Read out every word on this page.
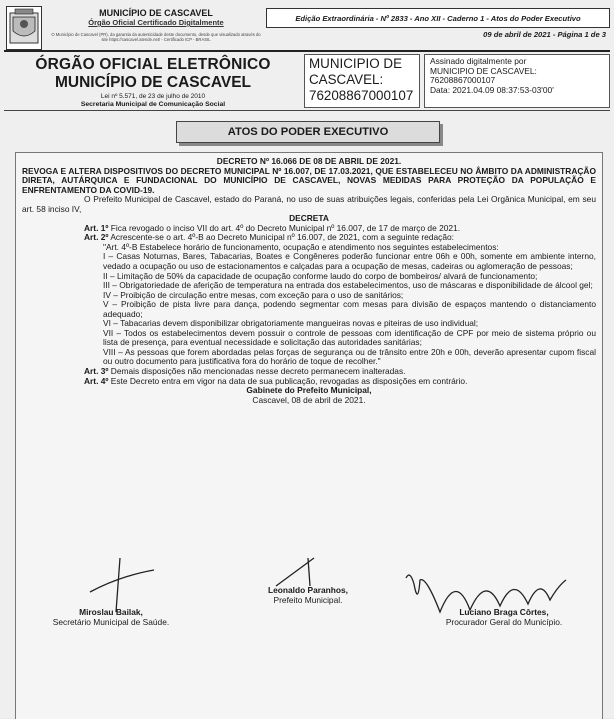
MUNICÍPIO DE CASCAVEL
Órgão Oficial Certificado Digitalmente
O Município de Cascavel (PR), da garantia da autenticidade deste documento, desde que visualizado através do site https://cascavel.atende.net/ - Certificado ICP - BRASIL
Edição Extraordinária - Nº 2833 - Ano XII - Caderno 1 - Atos do Poder Executivo
09 de abril de 2021 - Página 1 de 3
ÓRGÃO OFICIAL ELETRÔNICO
MUNICÍPIO DE CASCAVEL
Lei nº 5.571, de 23 de julho de 2010
Secretaria Municipal de Comunicação Social
MUNICIPIO DE
CASCAVEL:
76208867000107
Assinado digitalmente por
MUNICIPIO DE CASCAVEL:
76208867000107
Data: 2021.04.09 08:37:53-03'00'
ATOS DO PODER EXECUTIVO
DECRETO Nº 16.066 DE 08 DE ABRIL DE 2021.
REVOGA E ALTERA DISPOSITIVOS DO DECRETO MUNICIPAL Nº 16.007, DE 17.03.2021, QUE ESTABELECEU NO ÂMBITO DA ADMINISTRAÇÃO DIRETA, AUTÁRQUICA E FUNDACIONAL DO MUNICÍPIO DE CASCAVEL, NOVAS MEDIDAS PARA PROTEÇÃO DA POPULAÇÃO E ENFRENTAMENTO DA COVID-19.
O Prefeito Municipal de Cascavel, estado do Paraná, no uso de suas atribuições legais, conferidas pela Lei Orgânica Municipal, em seu art. 58 inciso IV,
DECRETA
Art. 1º Fica revogado o inciso VII do art. 4º do Decreto Municipal nº 16.007, de 17 de março de 2021.
Art. 2º Acrescente-se o art. 4º-B ao Decreto Municipal nº 16.007, de 2021, com a seguinte redação:
"Art. 4º-B Estabelece horário de funcionamento, ocupação e atendimento nos seguintes estabelecimentos:
I – Casas Noturnas, Bares, Tabacarias, Boates e Congêneres poderão funcionar entre 06h e 00h, somente em ambiente interno, vedado a ocupação ou uso de estacionamentos e calçadas para a ocupação de mesas, cadeiras ou aglomeração de pessoas;
II – Limitação de 50% da capacidade de ocupação conforme laudo do corpo de bombeiros/ alvará de funcionamento;
III – Obrigatoriedade de aferição de temperatura na entrada dos estabelecimentos, uso de máscaras e disponibilidade de álcool gel;
IV – Proibição de circulação entre mesas, com exceção para o uso de sanitários;
V – Proibição de pista livre para dança, podendo segmentar com mesas para divisão de espaços mantendo o distanciamento adequado;
VI – Tabacarias devem disponibilizar obrigatoriamente mangueiras novas e piteiras de uso individual;
VII – Todos os estabelecimentos devem possuir o controle de pessoas com identificação de CPF por meio de sistema próprio ou lista de presença, para eventual necessidade e solicitação das autoridades sanitárias;
VIII – As pessoas que forem abordadas pelas forças de segurança ou de trânsito entre 20h e 00h, deverão apresentar cupom fiscal ou outro documento para justificativa fora do horário de toque de recolher."
Art. 3º Demais disposições não mencionadas nesse decreto permanecem inalteradas.
Art. 4º Este Decreto entra em vigor na data de sua publicação, revogadas as disposições em contrário.
Gabinete do Prefeito Municipal,
Cascavel, 08 de abril de 2021.
Leonaldo Paranhos,
Prefeito Municipal.
Miroslau Bailak,
Secretário Municipal de Saúde.
Luciano Braga Côrtes,
Procurador Geral do Município.
